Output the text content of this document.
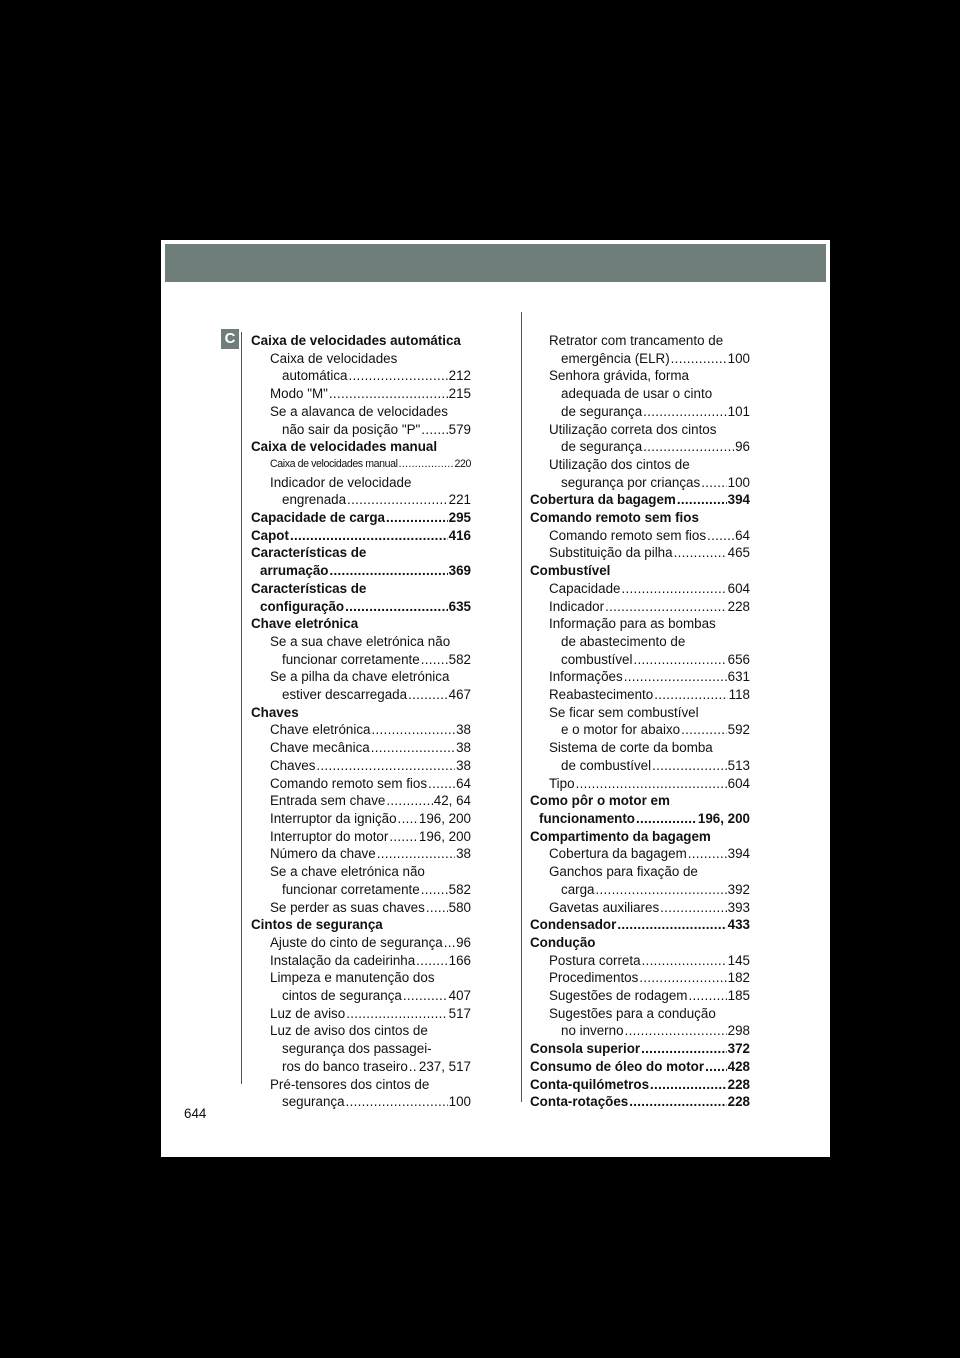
C Caixa de velocidades automática
Caixa de velocidades
automática .....	212
Modo "M" .....	215
Se a alavanca de velocidades
não sair da posição "P" ..... 579
Caixa de velocidades manual
Caixa de velocidades manual .....	220
Indicador de velocidade
engrenada .....	221
Capacidade de carga .....	295
Capot .....	416
Características de
arrumação .....	369
Características de
configuração .....	635
Chave eletrónica
Se a sua chave eletrónica não
funcionar corretamente ..... 582
Se a pilha da chave eletrónica
estiver descarregada .....	467
Chaves
Chave eletrónica .....	38
Chave mecânica .....	38
Chaves .....	38
Comando remoto sem fios ..... 64
Entrada sem chave .....	42, 64
Interruptor da ignição ..... 196, 200
Interruptor do motor ..... 196, 200
Número da chave .....	38
Se a chave eletrónica não
funcionar corretamente ..... 582
Se perder as suas chaves ..... 580
Cintos de segurança
Ajuste do cinto de segurança ..... 96
Instalação da cadeirinha ..... 166
Limpeza e manutenção dos
cintos de segurança .....	407
Luz de aviso .....	517
Luz de aviso dos cintos de
segurança dos passagei-
ros do banco traseiro ..... 237, 517
Pré-tensores dos cintos de
segurança .....	100
Retrator com trancamento de
emergência (ELR) .....	100
Senhora grávida, forma
adequada de usar o cinto
de segurança .....	101
Utilização correta dos cintos
de segurança .....	96
Utilização dos cintos de
segurança por crianças ..... 100
Cobertura da bagagem .....	394
Comando remoto sem fios
Comando remoto sem fios ..... 64
Substituição da pilha .....	465
Combustível
Capacidade .....	604
Indicador .....	228
Informação para as bombas
de abastecimento de
combustível .....	656
Informações .....	631
Reabastecimento .....	118
Se ficar sem combustível
e o motor for abaixo .....	592
Sistema de corte da bomba
de combustível .....	513
Tipo .....	604
Como pôr o motor em
funcionamento .....	196, 200
Compartimento da bagagem
Cobertura da bagagem .....	394
Ganchos para fixação de
carga .....	392
Gavetas auxiliares .....	393
Condensador .....	433
Condução
Postura correta .....	145
Procedimentos .....	182
Sugestões de rodagem .....	185
Sugestões para a condução
no inverno .....	298
Consola superior .....	372
Consumo de óleo do motor ..... 428
Conta-quilómetros .....	228
Conta-rotações .....	228
644
